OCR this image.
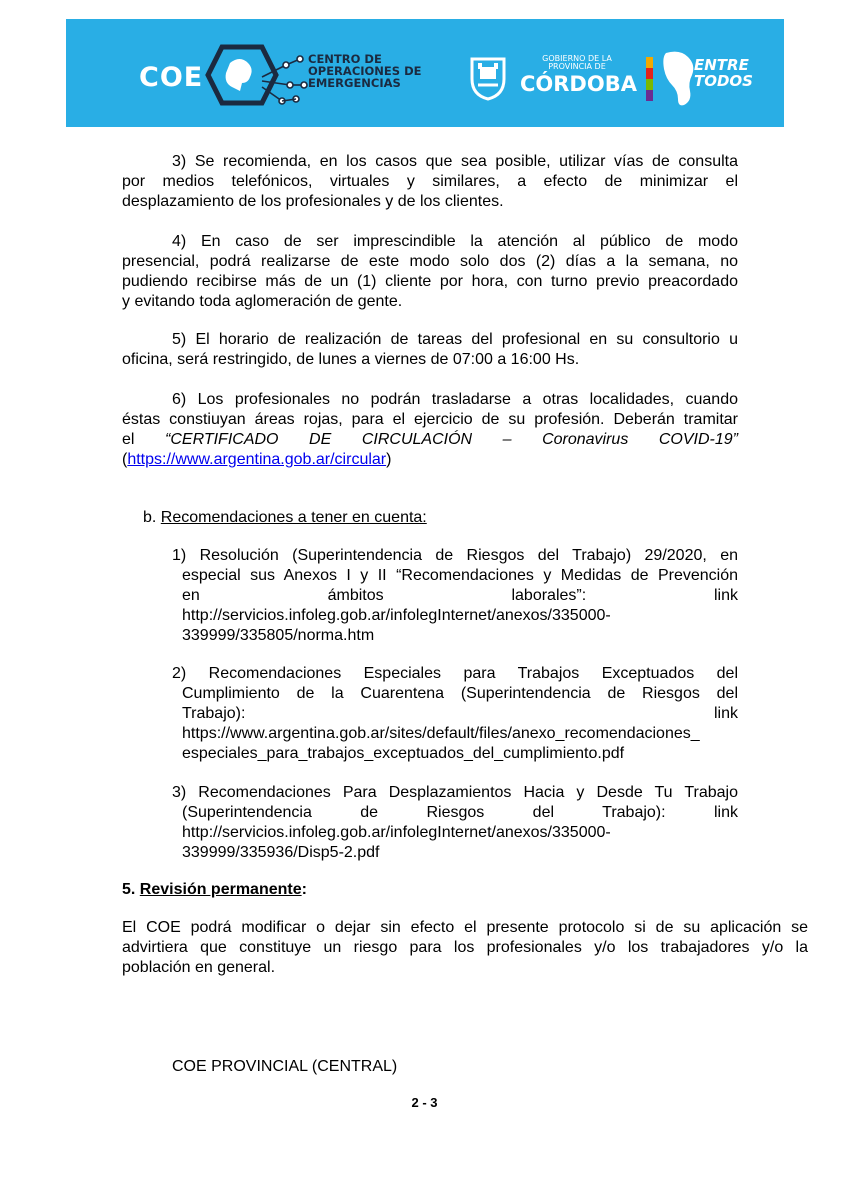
COE
CENTRO DE
OPERACIONES DE
EMERGENCIAS
GOBIERNO DE LA
PROVINCIA DE
CÓRDOBA
ENTRE
TODOS
3) Se recomienda, en los casos que sea posible, utilizar vías de consulta
por medios telefónicos, virtuales y similares, a efecto de minimizar el
desplazamiento de los profesionales y de los clientes.
4) En caso de ser imprescindible la atención al público de modo
presencial, podrá realizarse de este modo solo dos (2) días a la semana, no
pudiendo recibirse más de un (1) cliente por hora, con turno previo preacordado
y evitando toda aglomeración de gente.
5) El horario de realización de tareas del profesional en su consultorio u
oficina, será restringido, de lunes a viernes de 07:00 a 16:00 Hs.
6) Los profesionales no podrán trasladarse a otras localidades, cuando
éstas constiuyan áreas rojas, para el ejercicio de su profesión. Deberán tramitar
el “CERTIFICADO DE CIRCULACIÓN – Coronavirus COVID-19”
(https://www.argentina.gob.ar/circular)
b. Recomendaciones a tener en cuenta:
1) Resolución (Superintendencia de Riesgos del Trabajo) 29/2020, en
especial sus Anexos I y II “Recomendaciones y Medidas de Prevención
en ámbitos laborales”: link
http://servicios.infoleg.gob.ar/infolegInternet/anexos/335000-
339999/335805/norma.htm
2) Recomendaciones Especiales para Trabajos Exceptuados del
Cumplimiento de la Cuarentena (Superintendencia de Riesgos del
Trabajo): link
https://www.argentina.gob.ar/sites/default/files/anexo_recomendaciones_
especiales_para_trabajos_exceptuados_del_cumplimiento.pdf
3) Recomendaciones Para Desplazamientos Hacia y Desde Tu Trabajo
(Superintendencia de Riesgos del Trabajo): link
http://servicios.infoleg.gob.ar/infolegInternet/anexos/335000-
339999/335936/Disp5-2.pdf
5. Revisión permanente:
El COE podrá modificar o dejar sin efecto el presente protocolo si de su aplicación se
advirtiera que constituye un riesgo para los profesionales y/o los trabajadores y/o la
población en general.
COE PROVINCIAL (CENTRAL)
2 - 3
